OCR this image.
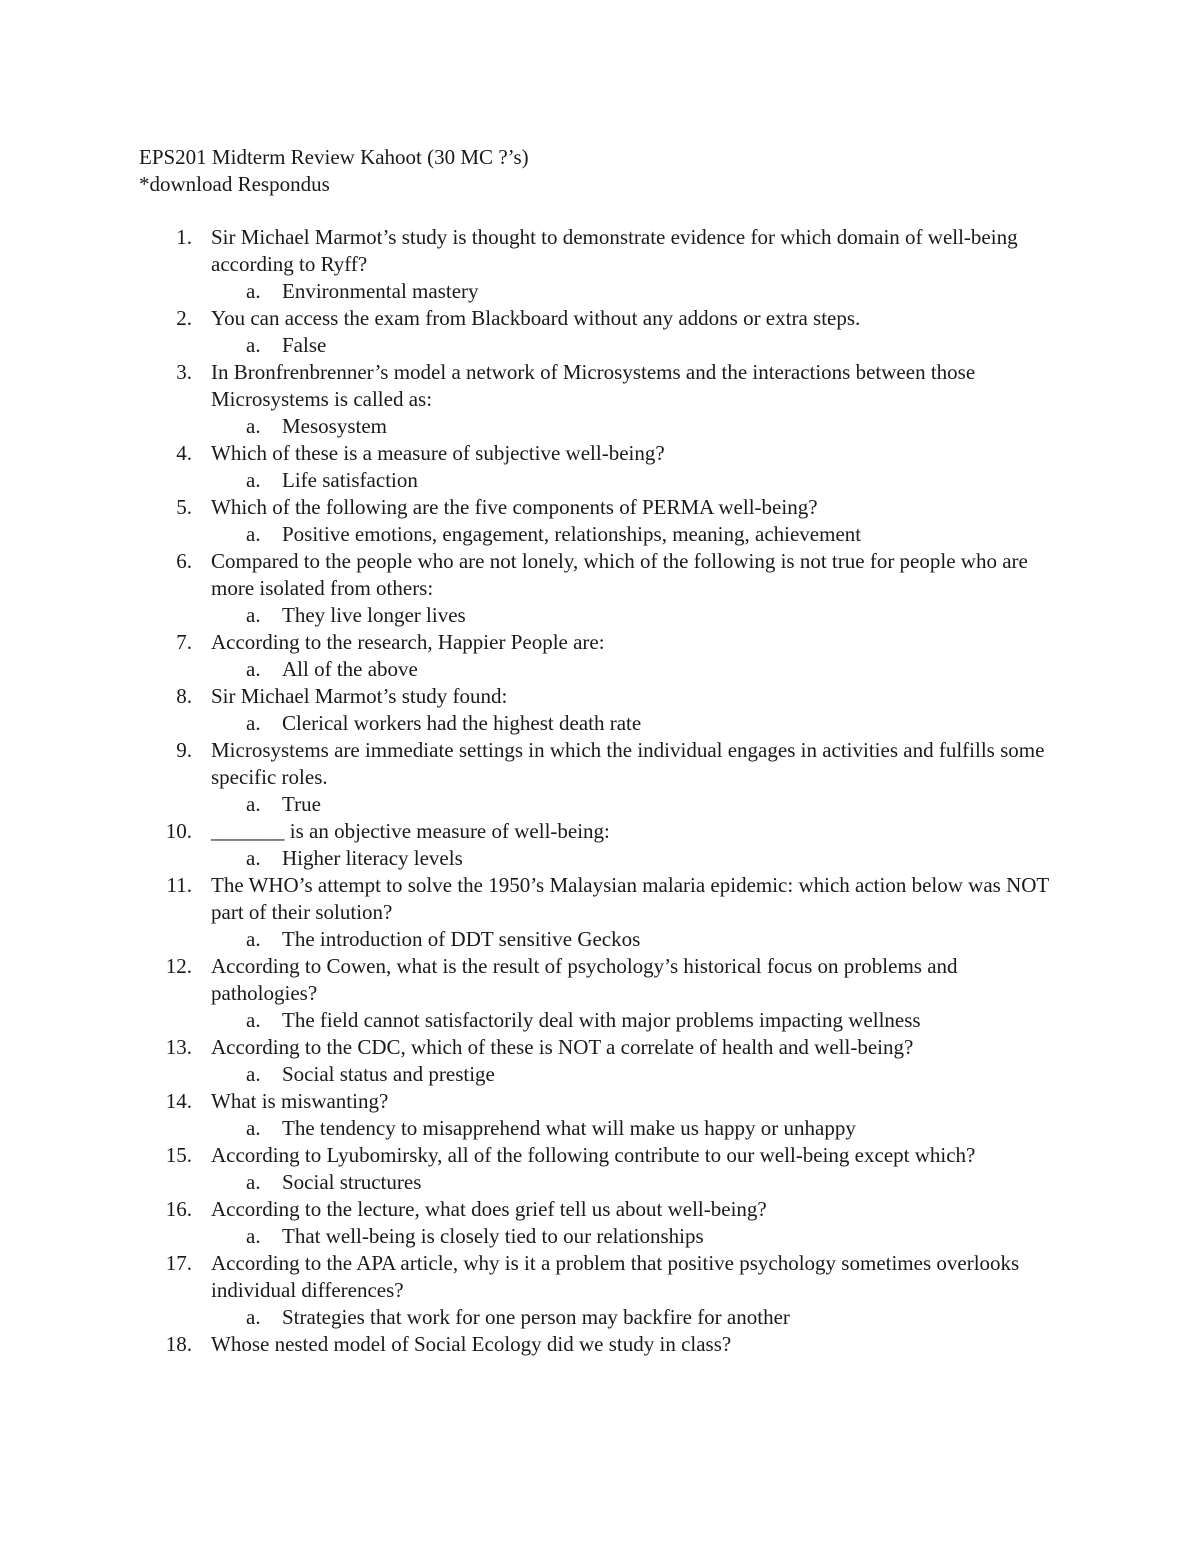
EPS201 Midterm Review Kahoot (30 MC ?’s)
*download Respondus
1. Sir Michael Marmot’s study is thought to demonstrate evidence for which domain of well-being according to Ryff?
a. Environmental mastery
2. You can access the exam from Blackboard without any addons or extra steps.
a. False
3. In Bronfrenbrenner’s model a network of Microsystems and the interactions between those Microsystems is called as:
a. Mesosystem
4. Which of these is a measure of subjective well-being?
a. Life satisfaction
5. Which of the following are the five components of PERMA well-being?
a. Positive emotions, engagement, relationships, meaning, achievement
6. Compared to the people who are not lonely, which of the following is not true for people who are more isolated from others:
a. They live longer lives
7. According to the research, Happier People are:
a. All of the above
8. Sir Michael Marmot’s study found:
a. Clerical workers had the highest death rate
9. Microsystems are immediate settings in which the individual engages in activities and fulfills some specific roles.
a. True
10. _______ is an objective measure of well-being:
a. Higher literacy levels
11. The WHO’s attempt to solve the 1950’s Malaysian malaria epidemic: which action below was NOT part of their solution?
a. The introduction of DDT sensitive Geckos
12. According to Cowen, what is the result of psychology’s historical focus on problems and pathologies?
a. The field cannot satisfactorily deal with major problems impacting wellness
13. According to the CDC, which of these is NOT a correlate of health and well-being?
a. Social status and prestige
14. What is miswanting?
a. The tendency to misapprehend what will make us happy or unhappy
15. According to Lyubomirsky, all of the following contribute to our well-being except which?
a. Social structures
16. According to the lecture, what does grief tell us about well-being?
a. That well-being is closely tied to our relationships
17. According to the APA article, why is it a problem that positive psychology sometimes overlooks individual differences?
a. Strategies that work for one person may backfire for another
18. Whose nested model of Social Ecology did we study in class?
